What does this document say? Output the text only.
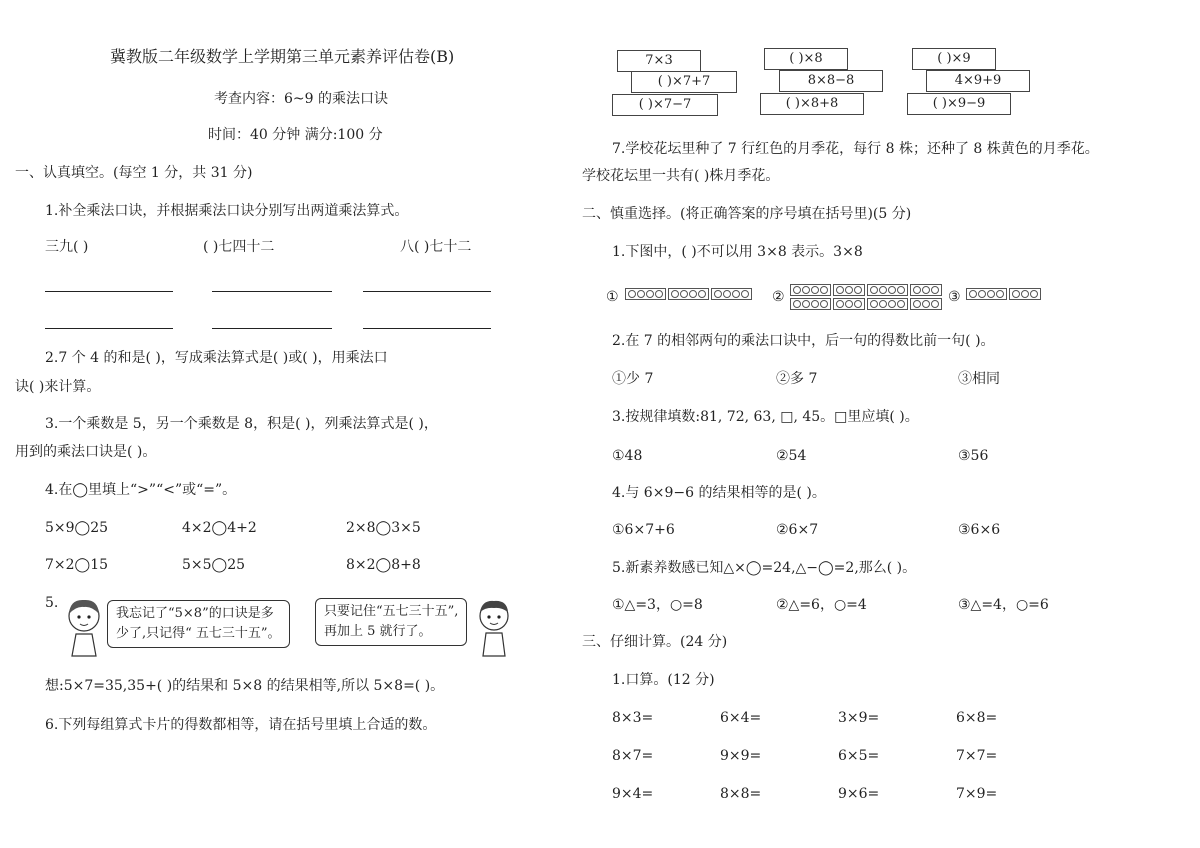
冀教版二年级数学上学期第三单元素养评估卷(B)
考查内容：6~9 的乘法口诀
时间：40 分钟 满分:100 分
一、认真填空。(每空 1 分，共 31 分)
1.补全乘法口诀，并根据乘法口诀分别写出两道乘法算式。
三九( )	( )七四十二	八( )七十二
2.7 个 4 的和是( )，写成乘法算式是( )或( )，用乘法口
诀( )来计算。
3.一个乘数是 5，另一个乘数是 8，积是( )，列乘法算式是( )，
用到的乘法口诀是( )。
4.在◯里填上“>”“<”或“=”。
5×9◯25	4×2◯4+2	2×8◯3×5
7×2◯15	5×5◯25	8×2◯8+8
5.
我忘记了“5×8”的口诀是多
少了,只记得“ 五七三十五”。
只要记住“五七三十五”,
再加上 5 就行了。
想:5×7=35,35+( )的结果和 5×8 的结果相等,所以 5×8=( )。
6.下列每组算式卡片的得数都相等，请在括号里填上合适的数。
7×3
( )×7+7
( )×7−7
( )×8
8×8−8
( )×8+8
( )×9
4×9+9
( )×9−9
7.学校花坛里种了 7 行红色的月季花，每行 8 株；还种了 8 株黄色的月季花。
学校花坛里一共有( )株月季花。
二、慎重选择。(将正确答案的序号填在括号里)(5 分)
1.下图中，( )不可以用 3×8 表示。3×8
①	②	③
2.在 7 的相邻两句的乘法口诀中，后一句的得数比前一句( )。
①少 7	②多 7	③相同
3.按规律填数:81, 72, 63, □, 45。□里应填( )。
①48	②54	③56
4.与 6×9−6 的结果相等的是( )。
①6×7+6	②6×7	③6×6
5.新素养数感已知△×◯=24,△−◯=2,那么( )。
①△=3，○=8	②△=6，○=4	③△=4，○=6
三、仔细计算。(24 分)
1.口算。(12 分)
8×3=	6×4=	3×9=	6×8=
8×7=	9×9=	6×5=	7×7=
9×4=	8×8=	9×6=	7×9=
